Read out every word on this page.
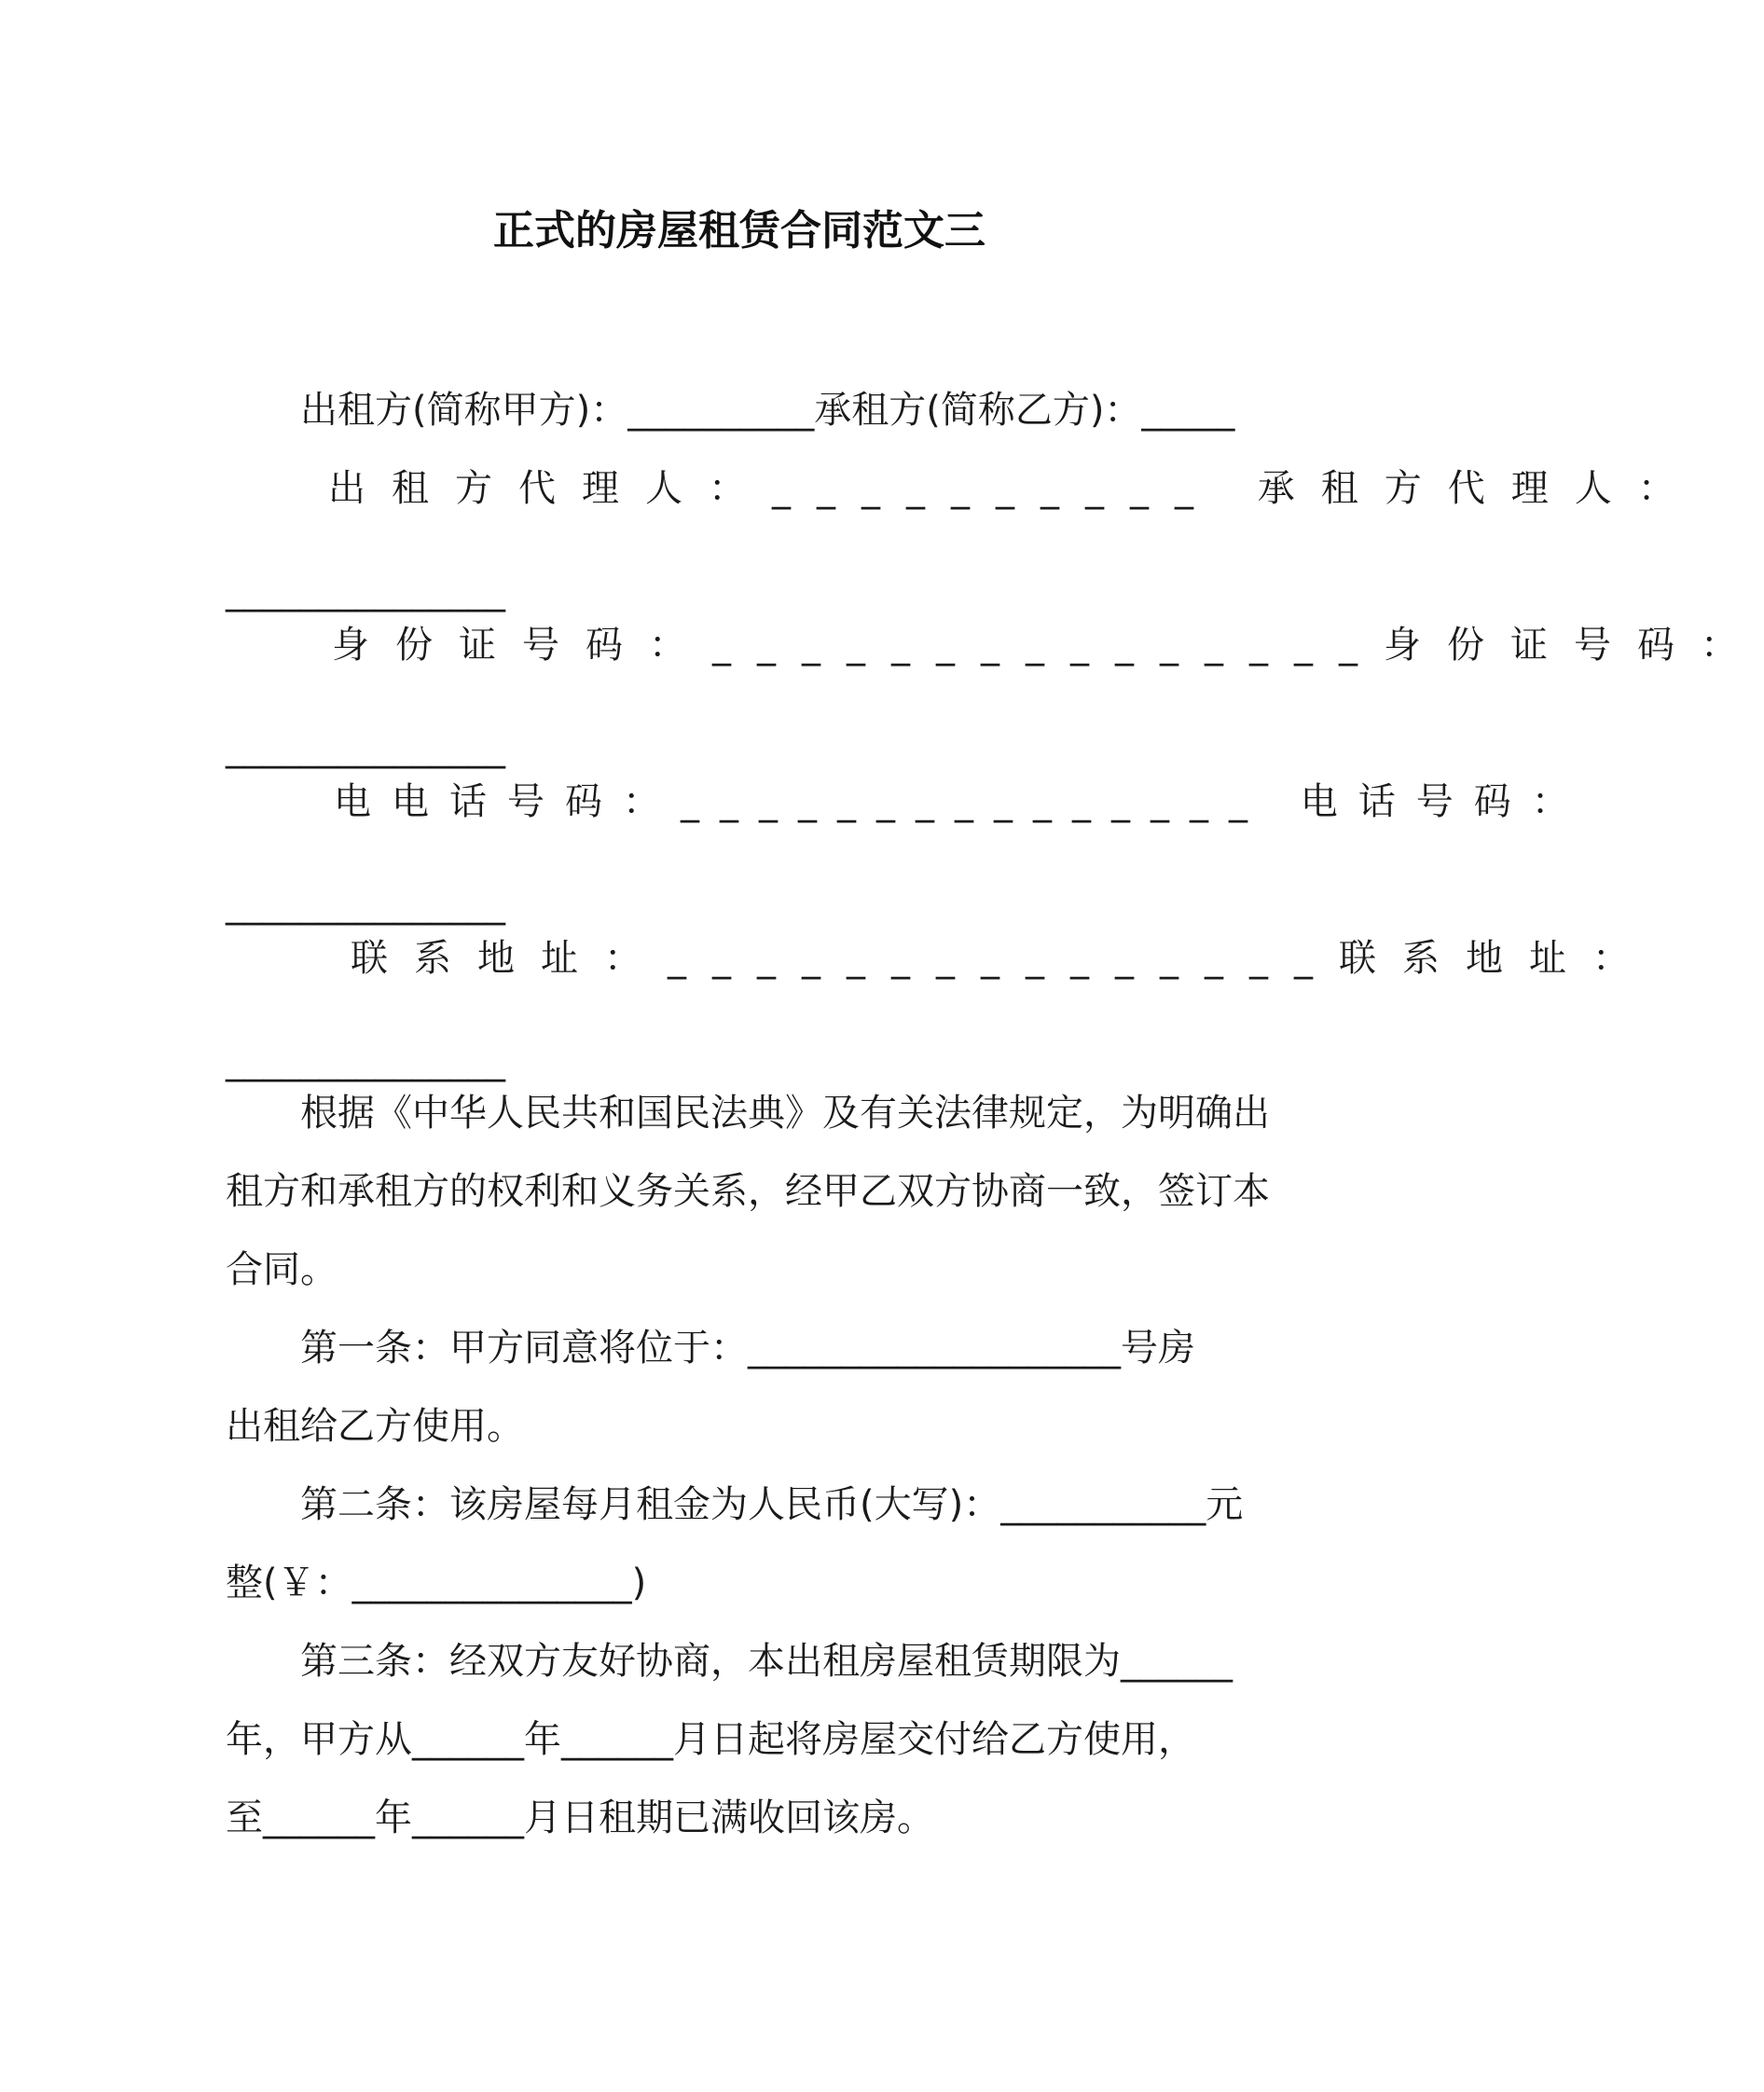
正式的房屋租赁合同范文三

出租方(简称甲方)：__________承租方(简称乙方)：_____

出租方代理人：__________ 承租方代理人：

_______________

身份证号码：_______________身份证号码：

_______________

电电话号码：_______________ 电话号码：

_______________

联系地址：_______________联系地址：

_______________

根据《中华人民共和国民法典》及有关法律规定，为明确出

租方和承租方的权利和义务关系，经甲乙双方协商一致，签订本

合同。

第一条：甲方同意将位于：____________________号房

出租给乙方使用。

第二条：该房屋每月租金为人民币(大写)：___________元

整(￥：_______________)

第三条：经双方友好协商，本出租房屋租赁期限为______

年，甲方从______年______月日起将房屋交付给乙方使用，

至______年______月日租期已满收回该房。
